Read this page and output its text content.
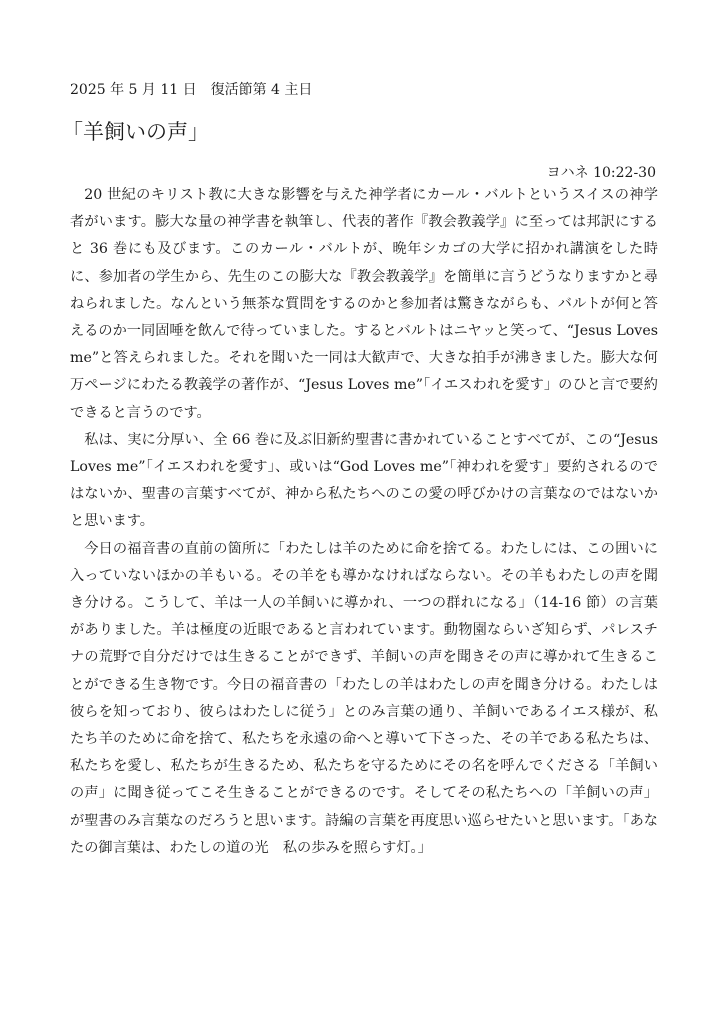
2025 年 5 月 11 日　復活節第 4 主日
「羊飼いの声」
ヨハネ 10:22-30

20 世紀のキリスト教に大きな影響を与えた神学者にカール・バルトというスイスの神学者がいます。膨大な量の神学書を執筆し、代表的著作『教会教義学』に至っては邦訳にすると 36 巻にも及びます。このカール・バルトが、晩年シカゴの大学に招かれ講演をした時に、参加者の学生から、先生のこの膨大な『教会教義学』を簡単に言うどうなりますかと尋ねられました。なんという無茶な質問をするのかと参加者は驚きながらも、バルトが何と答えるのか一同固唾を飲んで待っていました。するとバルトはニヤッと笑って、“Jesus Loves me”と答えられました。それを聞いた一同は大歓声で、大きな拍手が沸きました。膨大な何万ページにわたる教義学の著作が、“Jesus Loves me”「イエスわれを愛す」のひと言で要約できると言うのです。

私は、実に分厚い、全 66 巻に及ぶ旧新約聖書に書かれていることすべてが、この“Jesus Loves me”「イエスわれを愛す」、或いは“God Loves me”「神われを愛す」要約されるのではないか、聖書の言葉すべてが、神から私たちへのこの愛の呼びかけの言葉なのではないかと思います。

今日の福音書の直前の箇所に「わたしは羊のために命を捨てる。わたしには、この囲いに入っていないほかの羊もいる。その羊をも導かなければならない。その羊もわたしの声を聞き分ける。こうして、羊は一人の羊飼いに導かれ、一つの群れになる」（14-16 節）の言葉がありました。羊は極度の近眼であると言われています。動物園ならいざ知らず、パレスチナの荒野で自分だけでは生きることができず、羊飼いの声を聞きその声に導かれて生きることができる生き物です。今日の福音書の「わたしの羊はわたしの声を聞き分ける。わたしは彼らを知っており、彼らはわたしに従う」とのみ言葉の通り、羊飼いであるイエス様が、私たち羊のために命を捨て、私たちを永遠の命へと導いて下さった、その羊である私たちは、私たちを愛し、私たちが生きるため、私たちを守るためにその名を呼んでくださる「羊飼いの声」に聞き従ってこそ生きることができるのです。そしてその私たちへの「羊飼いの声」が聖書のみ言葉なのだろうと思います。詩編の言葉を再度思い巡らせたいと思います。「あなたの御言葉は、わたしの道の光　私の歩みを照らす灯。」
